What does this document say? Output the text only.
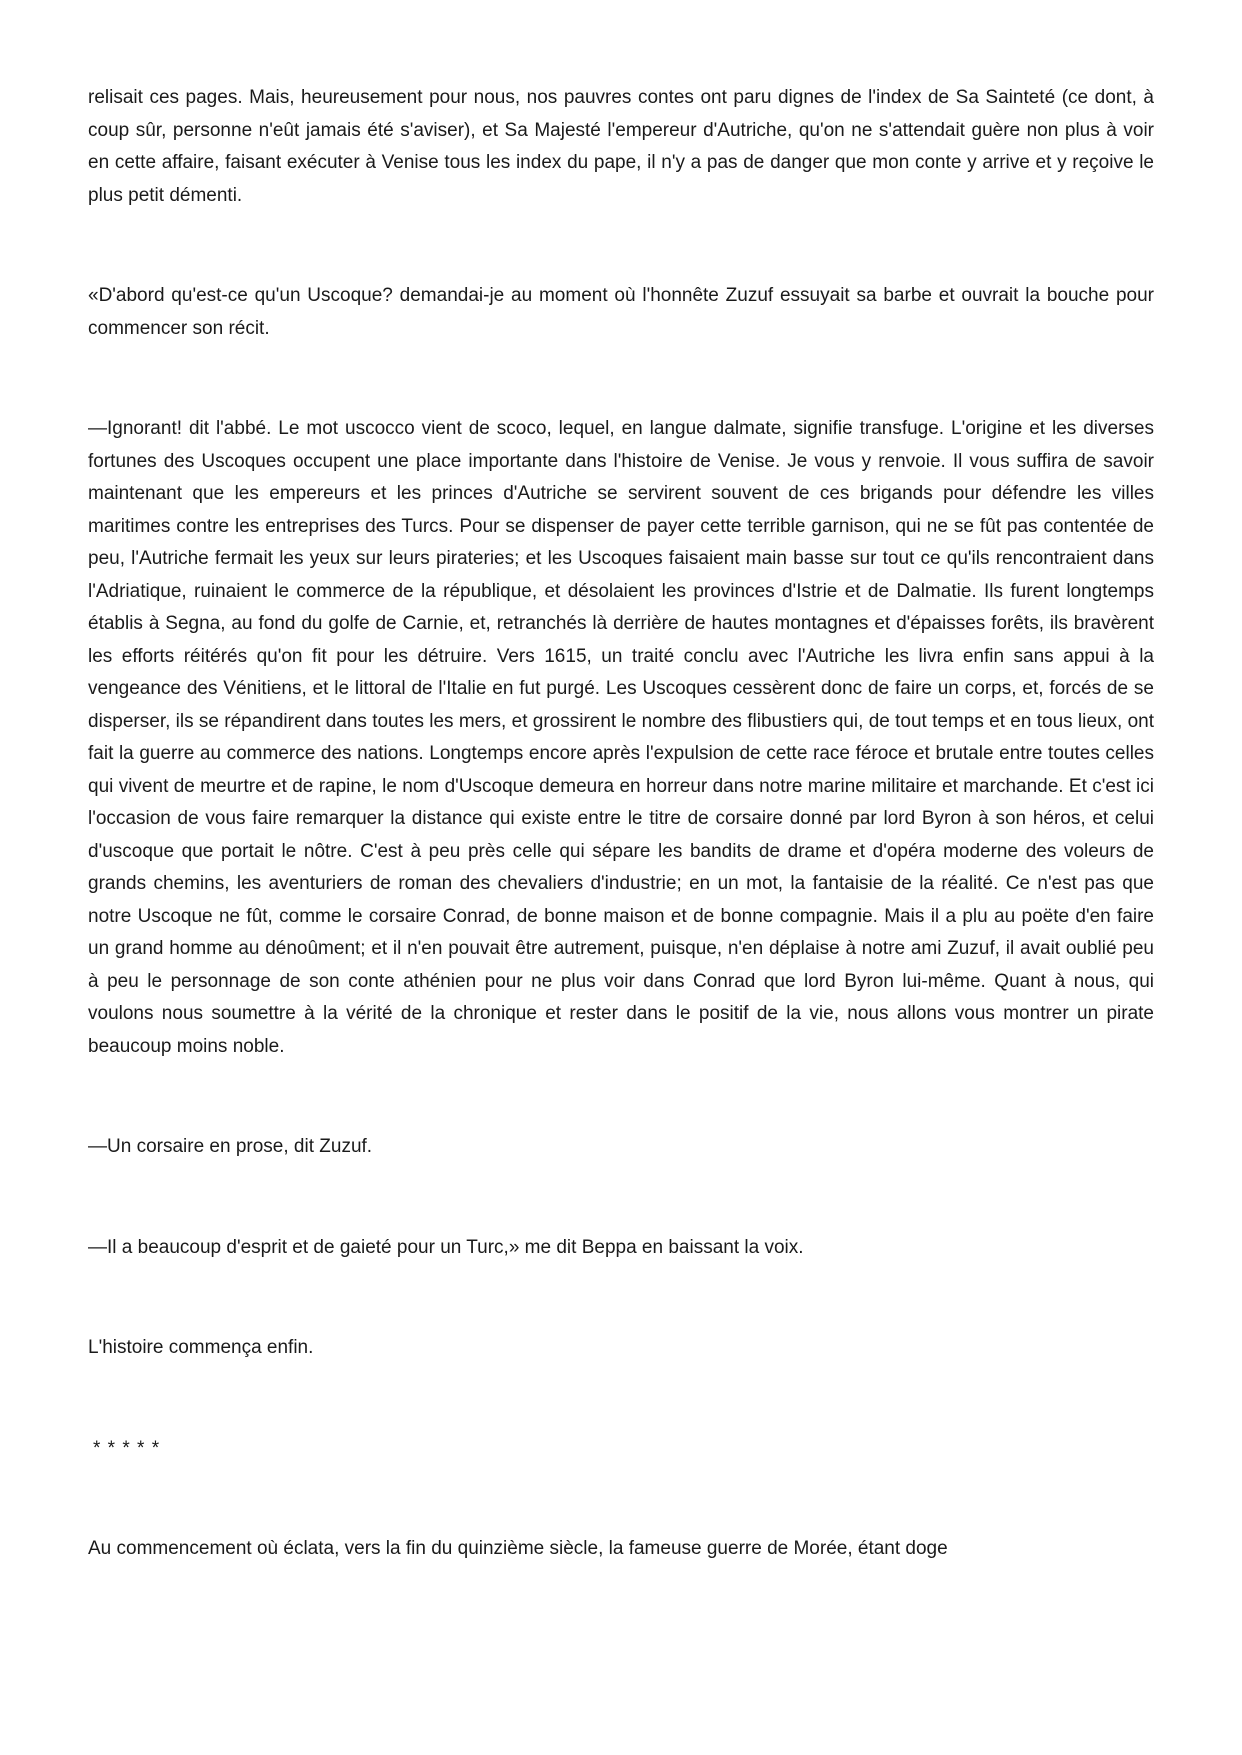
relisait ces pages. Mais, heureusement pour nous, nos pauvres contes ont paru dignes de l'index de Sa Sainteté (ce dont, à coup sûr, personne n'eût jamais été s'aviser), et Sa Majesté l'empereur d'Autriche, qu'on ne s'attendait guère non plus à voir en cette affaire, faisant exécuter à Venise tous les index du pape, il n'y a pas de danger que mon conte y arrive et y reçoive le plus petit démenti.

«D'abord qu'est-ce qu'un Uscoque? demandai-je au moment où l'honnête Zuzuf essuyait sa barbe et ouvrait la bouche pour commencer son récit.

—Ignorant! dit l'abbé. Le mot uscocco vient de scoco, lequel, en langue dalmate, signifie transfuge. L'origine et les diverses fortunes des Uscoques occupent une place importante dans l'histoire de Venise. Je vous y renvoie. Il vous suffira de savoir maintenant que les empereurs et les princes d'Autriche se servirent souvent de ces brigands pour défendre les villes maritimes contre les entreprises des Turcs. Pour se dispenser de payer cette terrible garnison, qui ne se fût pas contentée de peu, l'Autriche fermait les yeux sur leurs pirateries; et les Uscoques faisaient main basse sur tout ce qu'ils rencontraient dans l'Adriatique, ruinaient le commerce de la république, et désolaient les provinces d'Istrie et de Dalmatie. Ils furent longtemps établis à Segna, au fond du golfe de Carnie, et, retranchés là derrière de hautes montagnes et d'épaisses forêts, ils bravèrent les efforts réitérés qu'on fit pour les détruire. Vers 1615, un traité conclu avec l'Autriche les livra enfin sans appui à la vengeance des Vénitiens, et le littoral de l'Italie en fut purgé. Les Uscoques cessèrent donc de faire un corps, et, forcés de se disperser, ils se répandirent dans toutes les mers, et grossirent le nombre des flibustiers qui, de tout temps et en tous lieux, ont fait la guerre au commerce des nations. Longtemps encore après l'expulsion de cette race féroce et brutale entre toutes celles qui vivent de meurtre et de rapine, le nom d'Uscoque demeura en horreur dans notre marine militaire et marchande. Et c'est ici l'occasion de vous faire remarquer la distance qui existe entre le titre de corsaire donné par lord Byron à son héros, et celui d'uscoque que portait le nôtre. C'est à peu près celle qui sépare les bandits de drame et d'opéra moderne des voleurs de grands chemins, les aventuriers de roman des chevaliers d'industrie; en un mot, la fantaisie de la réalité. Ce n'est pas que notre Uscoque ne fût, comme le corsaire Conrad, de bonne maison et de bonne compagnie. Mais il a plu au poëte d'en faire un grand homme au dénoûment; et il n'en pouvait être autrement, puisque, n'en déplaise à notre ami Zuzuf, il avait oublié peu à peu le personnage de son conte athénien pour ne plus voir dans Conrad que lord Byron lui-même. Quant à nous, qui voulons nous soumettre à la vérité de la chronique et rester dans le positif de la vie, nous allons vous montrer un pirate beaucoup moins noble.

—Un corsaire en prose, dit Zuzuf.

—Il a beaucoup d'esprit et de gaieté pour un Turc,» me dit Beppa en baissant la voix.

L'histoire commença enfin.

* * * * *

Au commencement où éclata, vers la fin du quinzième siècle, la fameuse guerre de Morée, étant doge
